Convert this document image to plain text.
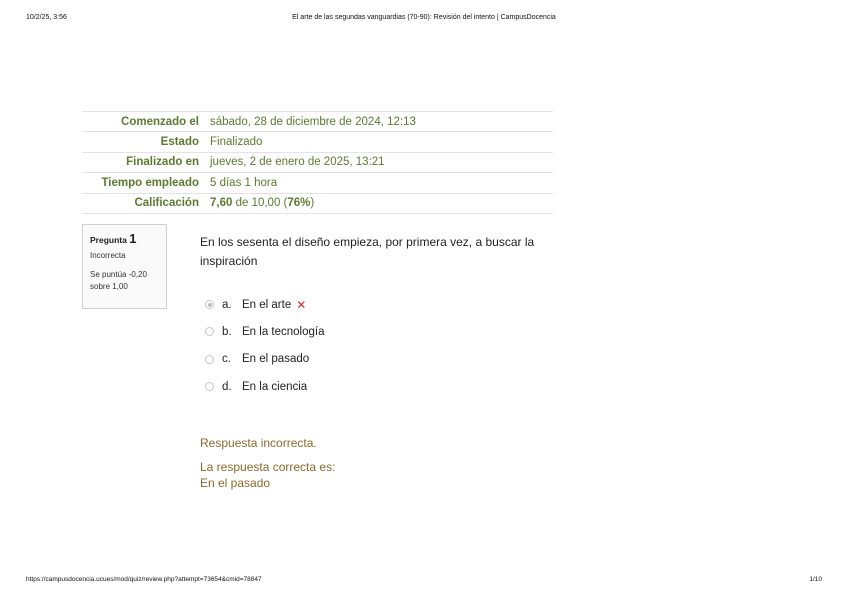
10/2/25, 3:56	El arte de las segundas vanguardias (70-90): Revisión del intento | CampusDocencia
Comenzado el	sábado, 28 de diciembre de 2024, 12:13
Estado	Finalizado
Finalizado en	jueves, 2 de enero de 2025, 13:21
Tiempo empleado	5 días 1 hora
Calificación	7,60 de 10,00 (76%)
Pregunta 1
Incorrecta
Se puntúa -0,20 sobre 1,00
En los sesenta el diseño empieza, por primera vez, a buscar la inspiración
a. En el arte ✕
b. En la tecnología
c. En el pasado
d. En la ciencia
Respuesta incorrecta.
La respuesta correcta es:
En el pasado
https://campusdocencia.ucues/mod/quiz/review.php?attempt=73654&cmid=78847	1/10
